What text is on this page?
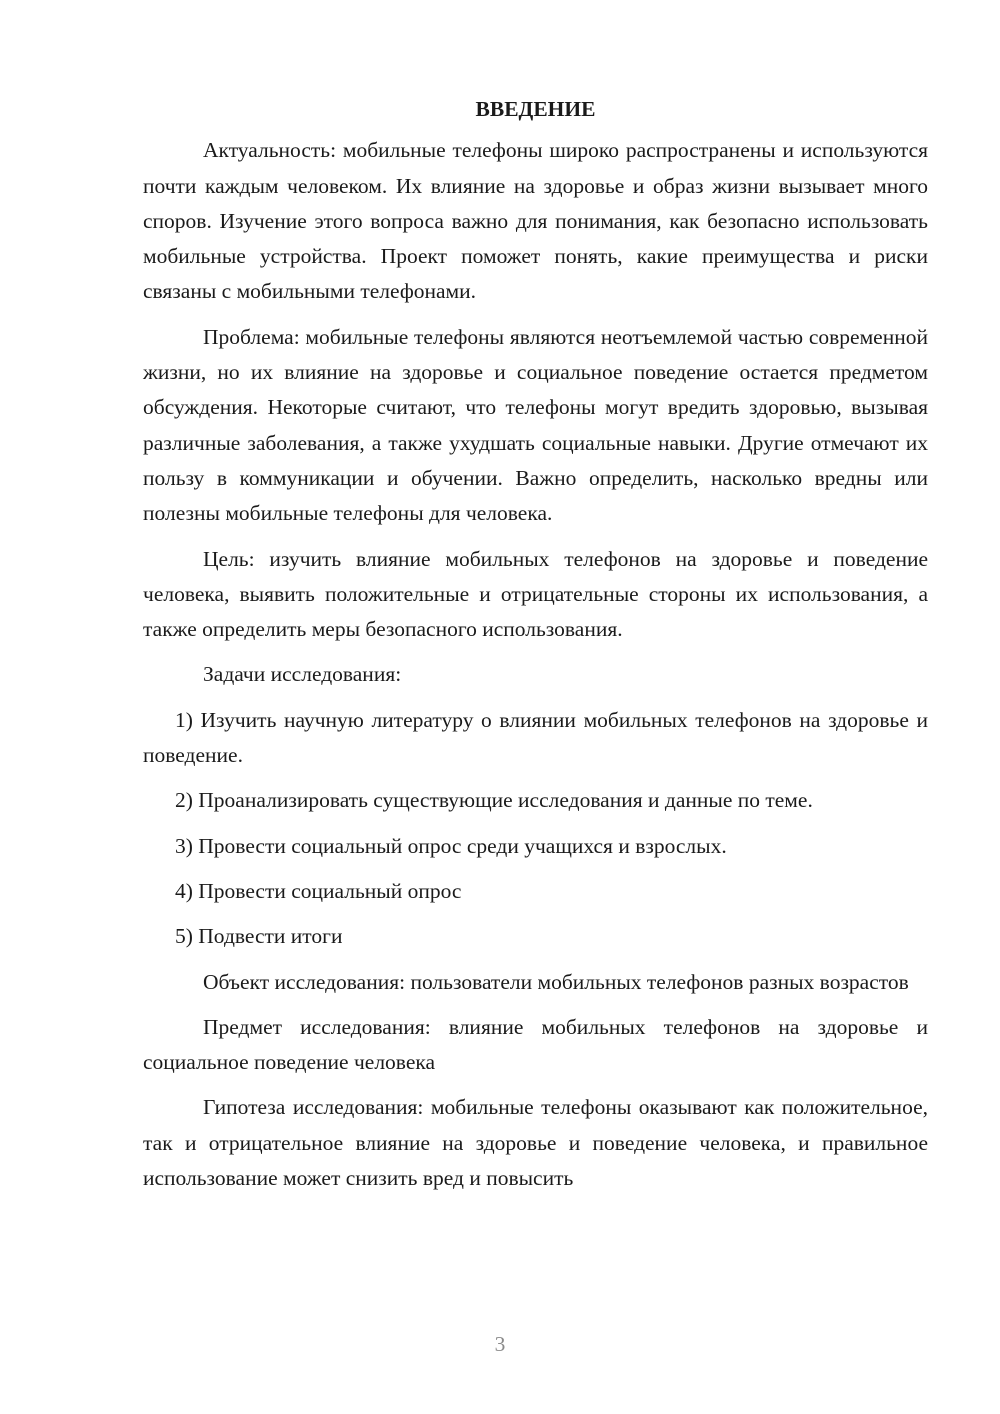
ВВЕДЕНИЕ

Актуальность: мобильные телефоны широко распространены и используются почти каждым человеком. Их влияние на здоровье и образ жизни вызывает много споров. Изучение этого вопроса важно для понимания, как безопасно использовать мобильные устройства. Проект поможет понять, какие преимущества и риски связаны с мобильными телефонами.

Проблема: мобильные телефоны являются неотъемлемой частью современной жизни, но их влияние на здоровье и социальное поведение остается предметом обсуждения. Некоторые считают, что телефоны могут вредить здоровью, вызывая различные заболевания, а также ухудшать социальные навыки. Другие отмечают их пользу в коммуникации и обучении. Важно определить, насколько вредны или полезны мобильные телефоны для человека.

Цель: изучить влияние мобильных телефонов на здоровье и поведение человека, выявить положительные и отрицательные стороны их использования, а также определить меры безопасного использования.

Задачи исследования:

1) Изучить научную литературу о влиянии мобильных телефонов на здоровье и поведение.

2) Проанализировать существующие исследования и данные по теме.

3) Провести социальный опрос среди учащихся и взрослых.

4) Провести социальный опрос

5) Подвести итоги

Объект исследования: пользователи мобильных телефонов разных возрастов

Предмет исследования: влияние мобильных телефонов на здоровье и социальное поведение человека

Гипотеза исследования: мобильные телефоны оказывают как положительное, так и отрицательное влияние на здоровье и поведение человека, и правильное использование может снизить вред и повысить

3
